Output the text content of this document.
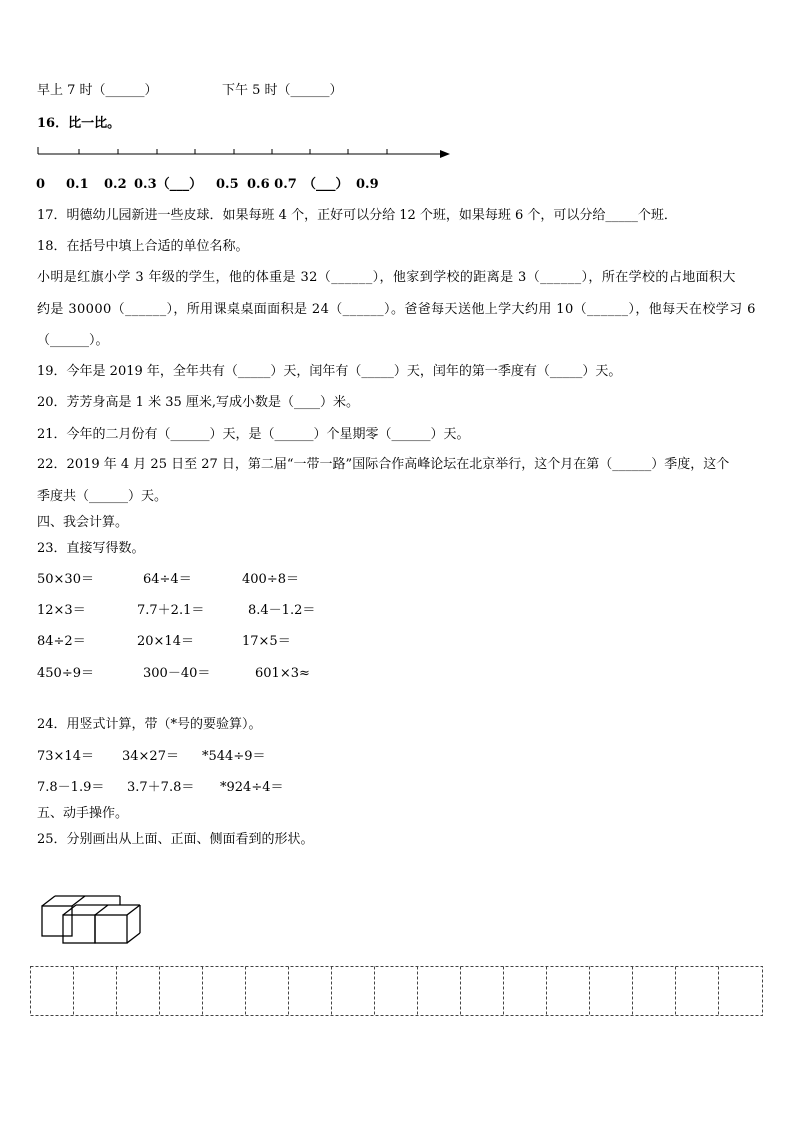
早上 7 时（______）	下午 5 时（______）
16．比一比。
0 0.1 0.2 0.3（___） 0.5 0.6 0.7 （___） 0.9
17．明德幼儿园新进一些皮球．如果每班 4 个，正好可以分给 12 个班，如果每班 6 个，可以分给_____个班．
18．在括号中填上合适的单位名称。
小明是红旗小学 3 年级的学生，他的体重是 32（______），他家到学校的距离是 3（______），所在学校的占地面积大
约是 30000（______），所用课桌桌面面积是 24（______）。爸爸每天送他上学大约用 10（______），他每天在校学习 6
（______）。
19．今年是 2019 年，全年共有（_____）天，闰年有（_____）天，闰年的第一季度有（_____）天。
20．芳芳身高是 1 米 35 厘米,写成小数是（____）米。
21．今年的二月份有（______）天，是（______）个星期零（______）天。
22．2019 年 4 月 25 日至 27 日，第二届“一带一路”国际合作高峰论坛在北京举行，这个月在第（______）季度，这个
季度共（______）天。
四、我会计算。
23．直接写得数。
50×30＝	64÷4＝	400÷8＝
12×3＝	7.7＋2.1＝	8.4－1.2＝
84÷2＝	20×14＝	17×5＝
450÷9＝	300－40＝	601×3≈
24．用竖式计算，带（*号的要验算）。
73×14＝ 34×27＝ *544÷9＝
7.8－1.9＝ 3.7＋7.8＝ *924÷4＝
五、动手操作。
25．分别画出从上面、正面、侧面看到的形状。
